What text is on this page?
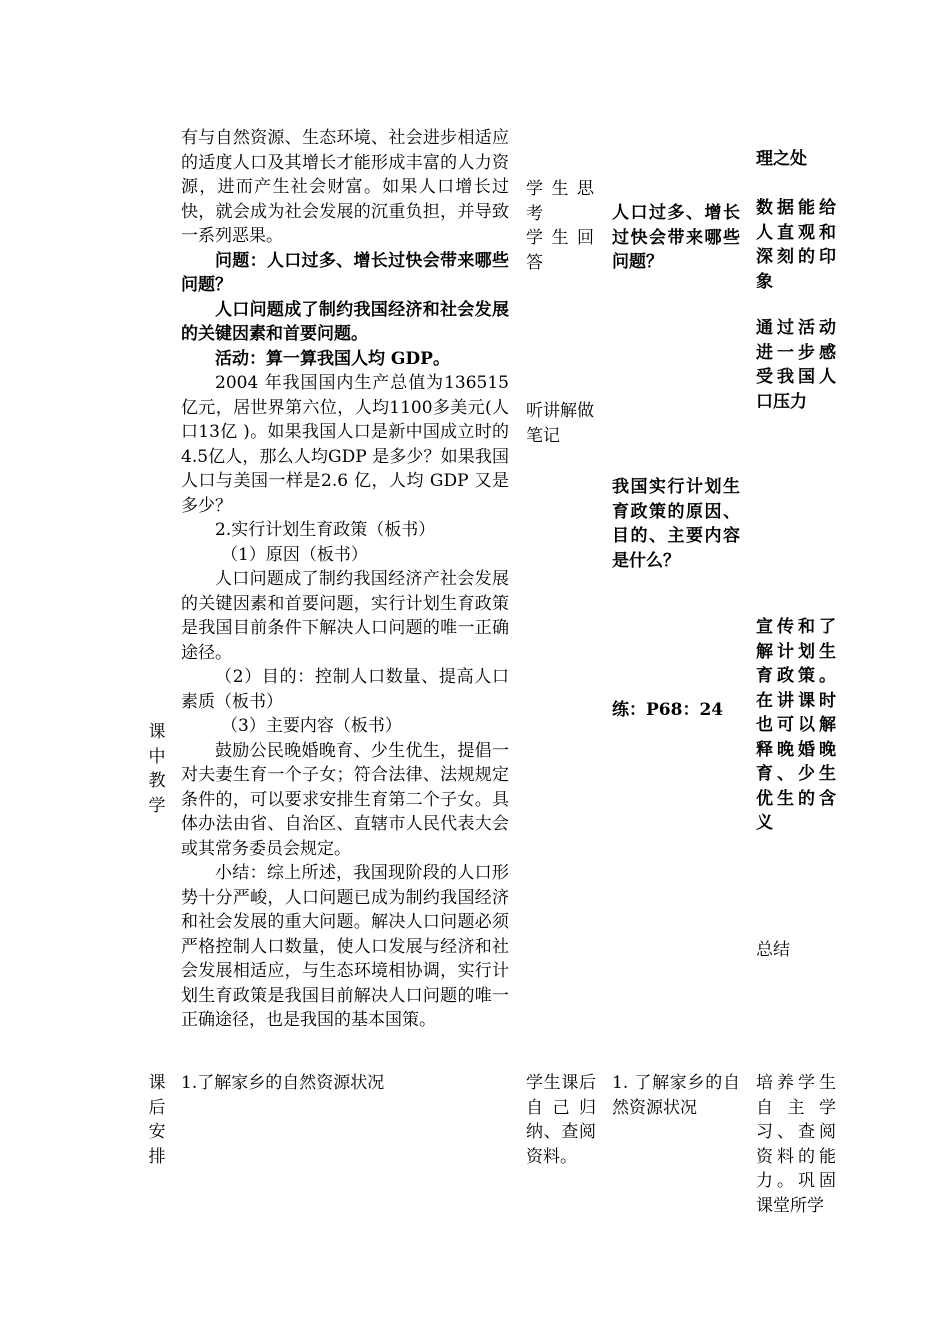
有与自然资源、生态环境、社会进步相适应的适度人口及其增长才能形成丰富的人力资源，进而产生社会财富。如果人口增长过快，就会成为社会发展的沉重负担，并导致一系列恶果。

问题：人口过多、增长过快会带来哪些问题？

人口问题成了制约我国经济和社会发展的关键因素和首要问题。

活动：算一算我国人均 GDP。

2004 年我国国内生产总值为136515亿元，居世界第六位，人均1100多美元(人口13亿 )。如果我国人口是新中国成立时的4.5亿人，那么人均GDP 是多少？如果我国人口与美国一样是2.6 亿，人均 GDP 又是多少？

2.实行计划生育政策（板书）

（1）原因（板书）

人口问题成了制约我国经济产社会发展的关键因素和首要问题，实行计划生育政策是我国目前条件下解决人口问题的唯一正确途径。

（2）目的：控制人口数量、提高人口素质（板书）

（3）主要内容（板书）

鼓励公民晚婚晚育、少生优生，提倡一对夫妻生育一个子女；符合法律、法规规定条件的，可以要求安排生育第二个子女。具体办法由省、自治区、直辖市人民代表大会或其常务委员会规定。

小结：综上所述，我国现阶段的人口形势十分严峻，人口问题已成为制约我国经济和社会发展的重大问题。解决人口问题必须严格控制人口数量，使人口发展与经济和社会发展相适应，与生态环境相协调，实行计划生育政策是我国目前解决人口问题的唯一正确途径，也是我国的基本国策。

1.了解家乡的自然资源状况
课
中
教
学
课
后
安
排
学生思考
学生回答
听讲解做笔记
学生课后自己归纳、查阅资料。
人口过多、增长过快会带来哪些问题？
我国实行计划生育政策的原因、目的、主要内容是什么？
练：P68：24
1. 了解家乡的自然资源状况
理之处
数据能给人直观和深刻的印象
通过活动进一步感受我国人口压力
宣传和了解计划生育政策。在讲课时也可以解释晚婚晚育、少生优生的含义
总结
培养学生自主学习、查阅资料的能力。巩固课堂所学
